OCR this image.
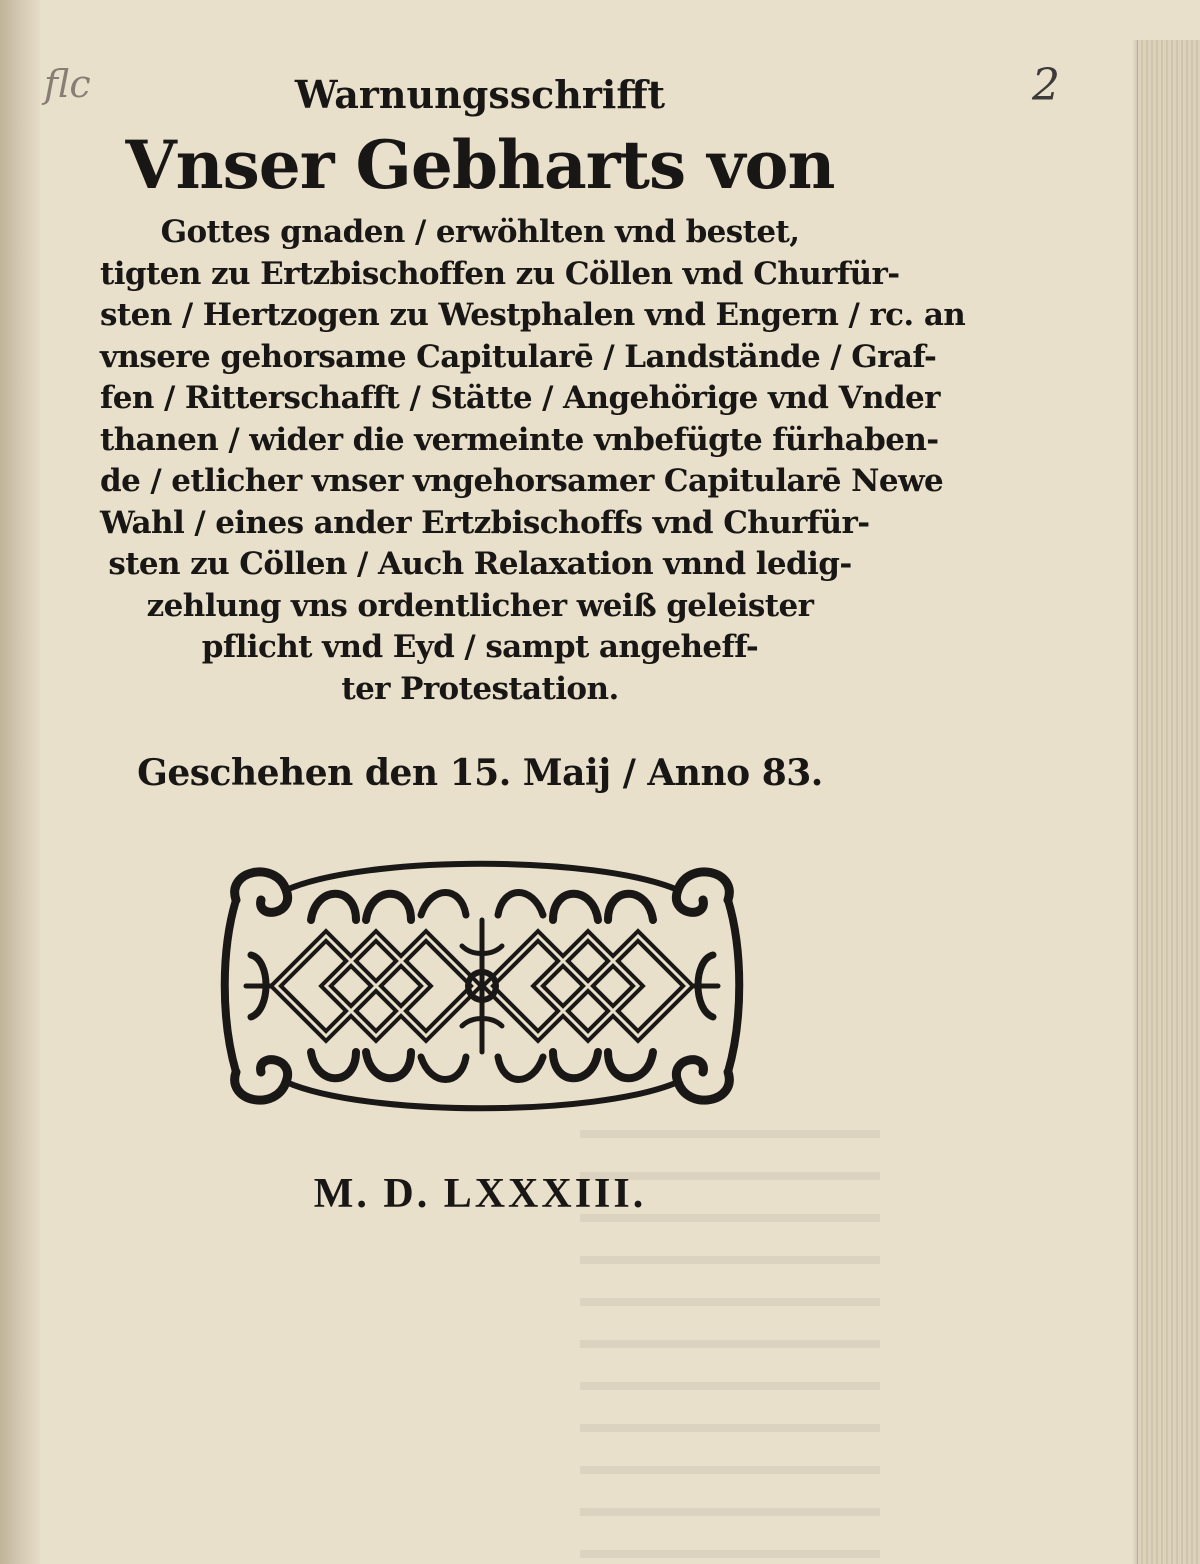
flc	2
Warnungsschrifft
Vnser Gebharts von
Gottes gnaden / erwöhlten vnd bestet,
tigten zu Ertzbischoffen zu Cöllen vnd Churfür-
sten / Hertzogen zu Westphalen vnd Engern / rc. an
vnsere gehorsame Capitularē / Landstände / Graf-
fen / Ritterschafft / Stätte / Angehörige vnd Vnder
thanen / wider die vermeinte vnbefügte fürhaben-
de / etlicher vnser vngehorsamer Capitularē Newe
Wahl / eines ander Ertzbischoffs vnd Churfür-
sten zu Cöllen / Auch Relaxation vnnd ledig-
zehlung vns ordentlicher weiß geleister
pflicht vnd Eyd / sampt angeheff-
ter Protestation.
Geschehen den 15. Maij / Anno 83.
M. D. LXXXIII.
